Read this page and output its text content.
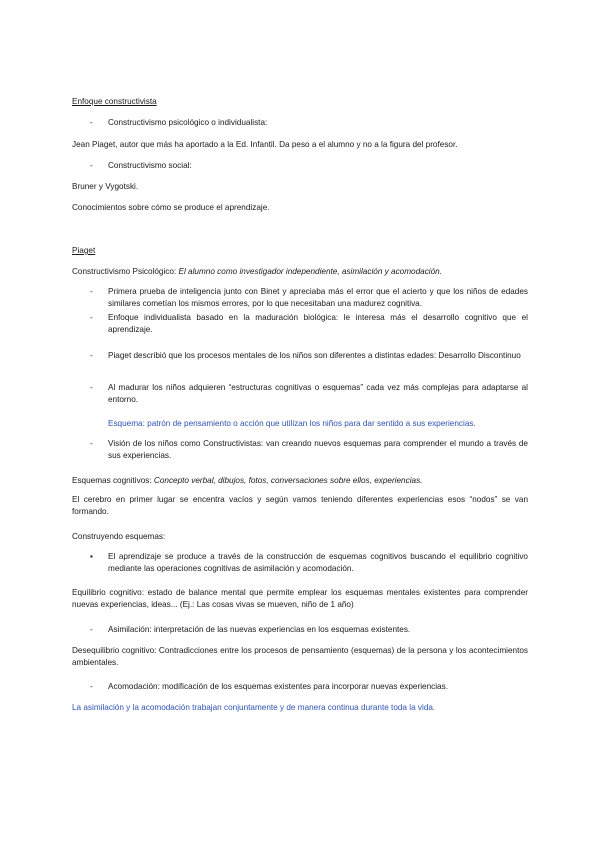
Enfoque constructivista
- Constructivismo psicológico o individualista:
Jean Piaget, autor que más ha aportado a la Ed. Infantil. Da peso a el alumno y no a la figura del profesor.
- Constructivismo social:
Bruner y Vygotski.
Conocimientos sobre cómo se produce el aprendizaje.
Piaget
Constructivismo Psicológico: El alumno como investigador independiente, asimilación y acomodación.
- Primera prueba de inteligencia junto con Binet y apreciaba más el error que el acierto y que los niños de edades similares cometían los mismos errores, por lo que necesitaban una madurez cognitiva.
- Enfoque individualista basado en la maduración biológica: le interesa más el desarrollo cognitivo que el aprendizaje.
- Piaget describió que los procesos mentales de los niños son diferentes a distintas edades: Desarrollo Discontinuo
- Al madurar los niños adquieren “estructuras cognitivas o esquemas” cada vez más complejas para adaptarse al entorno.
Esquema: patrón de pensamiento o acción que utilizan los niños para dar sentido a sus experiencias.
- Visión de los niños como Constructivistas: van creando nuevos esquemas para comprender el mundo a través de sus experiencias.
Esquemas cognitivos: Concepto verbal, dibujos, fotos, conversaciones sobre ellos, experiencias.
El cerebro en primer lugar se encentra vacíos y según vamos teniendo diferentes experiencias esos “nodos” se van formando.
Construyendo esquemas:
▪ El aprendizaje se produce a través de la construcción de esquemas cognitivos buscando el equilibrio cognitivo mediante las operaciones cognitivas de asimilación y acomodación.
Equilibrio cognitivo: estado de balance mental que permite emplear los esquemas mentales existentes para comprender nuevas experiencias, ideas... (Ej.: Las cosas vivas se mueven, niño de 1 año)
- Asimilación: interpretación de las nuevas experiencias en los esquemas existentes.
Desequilibrio cognitivo: Contradicciones entre los procesos de pensamiento (esquemas) de la persona y los acontecimientos ambientales.
- Acomodación: modificación de los esquemas existentes para incorporar nuevas experiencias.
La asimilación y la acomodación trabajan conjuntamente y de manera continua durante toda la vida.
